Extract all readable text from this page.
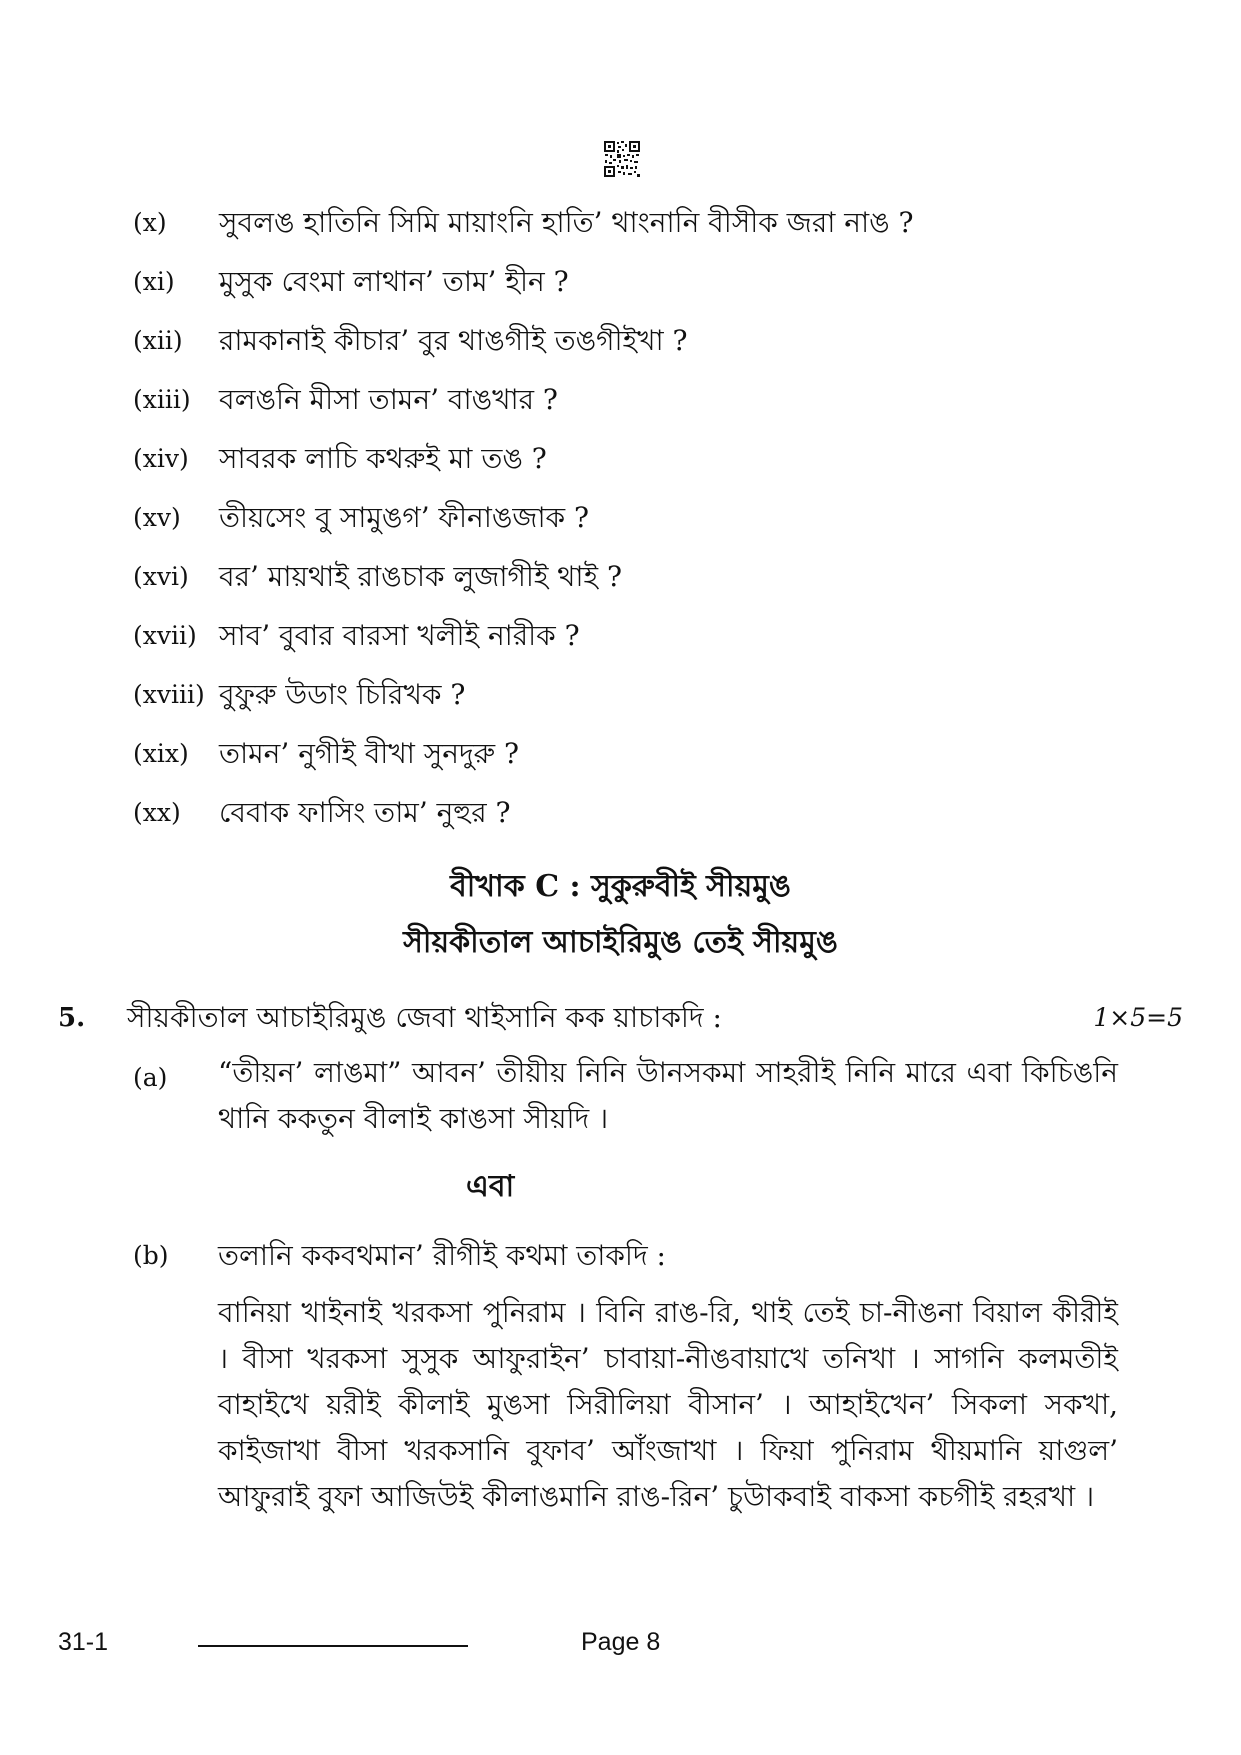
(x) সুবলঙ হাতিনি সিমি মায়াংনি হাতি’ থাংনানি বীসীক জরা নাঙ ?
(xi) মুসুক বেংমা লাথান’ তাম’ হীন ?
(xii) রামকানাই কীচার’ বুর থাঙগীই তঙগীইখা ?
(xiii) বলঙনি মীসা তামন’ বাঙখার ?
(xiv) সাবরক লাচি কথরুই মা তঙ ?
(xv) তীয়সেং বু সামুঙগ’ ফীনাঙজাক ?
(xvi) বর’ মায়থাই রাঙচাক লুজাগীই থাই ?
(xvii) সাব’ বুবার বারসা খলীই নারীক ?
(xviii) বুফুরু উডাং চিরিখক ?
(xix) তামন’ নুগীই বীখা সুনদুরু ?
(xx) বেবাক ফাসিং তাম’ নুহুর ?
বীখাক C : সুকুরুবীই সীয়মুঙ
সীয়কীতাল আচাইরিমুঙ তেই সীয়মুঙ
5. সীয়কীতাল আচাইরিমুঙ জেবা থাইসানি কক য়াচাকদি :	1×5=5
(a) “তীয়ন’ লাঙমা” আবন’ তীয়ীয় নিনি উানসকমা সাহরীই নিনি মারে এবা কিচিঙনি থানি ককতুন বীলাই কাঙসা সীয়দি ।
এবা
(b) তলানি ককবথমান’ রীগীই কথমা তাকদি :
বানিয়া খাইনাই খরকসা পুনিরাম । বিনি রাঙ-রি, থাই তেই চা-নীঙনা বিয়াল কীরীই । বীসা খরকসা সুসুক আফুরাইন’ চাবায়া-নীঙবায়াখে তনিখা । সাগনি কলমতীই বাহাইখে য়রীই কীলাই মুঙসা সিরীলিয়া বীসান’ । আহাইখেন’ সিকলা সকখা, কাইজাখা বীসা খরকসানি বুফাব’ আঁংজাখা । ফিয়া পুনিরাম থীয়মানি য়াগুল’ আফুরাই বুফা আজিউই কীলাঙমানি রাঙ-রিন’ চুউাকবাই বাকসা কচগীই রহরখা ।
31-1	Page 8
